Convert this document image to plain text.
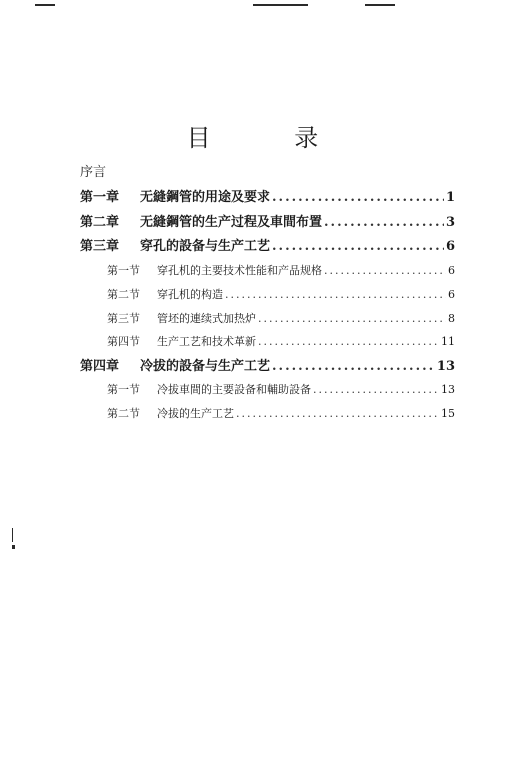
目 录
序言
第一章	无縫鋼管的用途及要求 .....	1
第二章	无縫鋼管的生产过程及車間布置 .....	3
第三章	穿孔的設备与生产工艺 .....	6
第一节	穿孔机的主要技术性能和产品规格 .....	6
第二节	穿孔机的构造 .....	6
第三节	管坯的連续式加热炉 .....	8
第四节	生产工艺和技术革新 .....	11
第四章	冷拔的設备与生产工艺 .....	13
第一节	冷拔車間的主要設备和輔助設备 .....	13
第二节	冷拔的生产工艺 .....	15
